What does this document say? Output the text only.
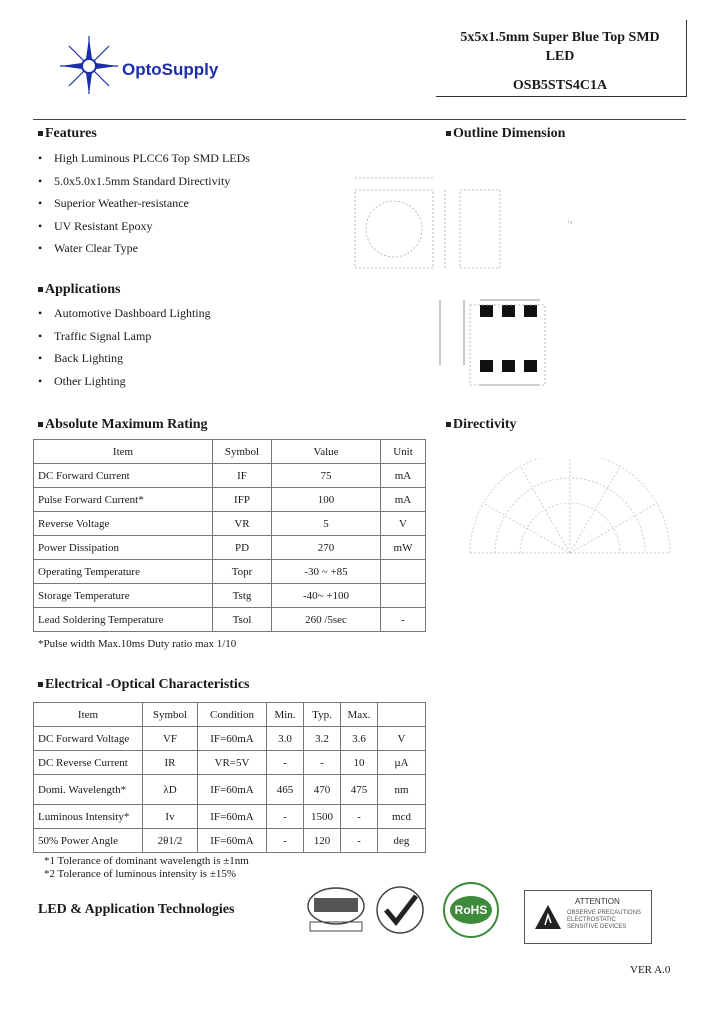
OptoSupply
5x5x1.5mm Super Blue Top SMD
LED
OSB5STS4C1A
Features
• High Luminous PLCC6 Top SMD LEDs
• 5.0x5.0x1.5mm Standard Directivity
• Superior Weather-resistance
• UV Resistant Epoxy
• Water Clear Type
Applications
• Automotive Dashboard Lighting
• Traffic Signal Lamp
• Back Lighting
• Other Lighting
Outline Dimension
Directivity
Absolute Maximum Rating
Item	Symbol	Value	Unit
DC Forward Current	IF	75	mA
Pulse Forward Current*	IFP	100	mA
Reverse Voltage	VR	5	V
Power Dissipation	PD	270	mW
Operating Temperature	Topr	-30 ~ +85	
Storage Temperature	Tstg	-40~ +100	
Lead Soldering Temperature	Tsol	260 /5sec	-
*Pulse width Max.10ms Duty ratio max 1/10
Electrical -Optical Characteristics
Item	Symbol	Condition	Min.	Typ.	Max.	
DC Forward Voltage	VF	IF=60mA	3.0	3.2	3.6	V
DC Reverse Current	IR	VR=5V	-	-	10	µA
Domi. Wavelength*	λD	IF=60mA	465	470	475	nm
Luminous Intensity*	Iv	IF=60mA	-	1500	-	mcd
50% Power Angle	2θ1/2	IF=60mA	-	120	-	deg
*1 Tolerance of dominant wavelength is ±1nm
*2 Tolerance of luminous intensity is ±15%
LED & Application Technologies	RoHS
ATTENTION
OBSERVE PRECAUTIONS
ELECTROSTATIC
SENSITIVE DEVICES
VER A.0
